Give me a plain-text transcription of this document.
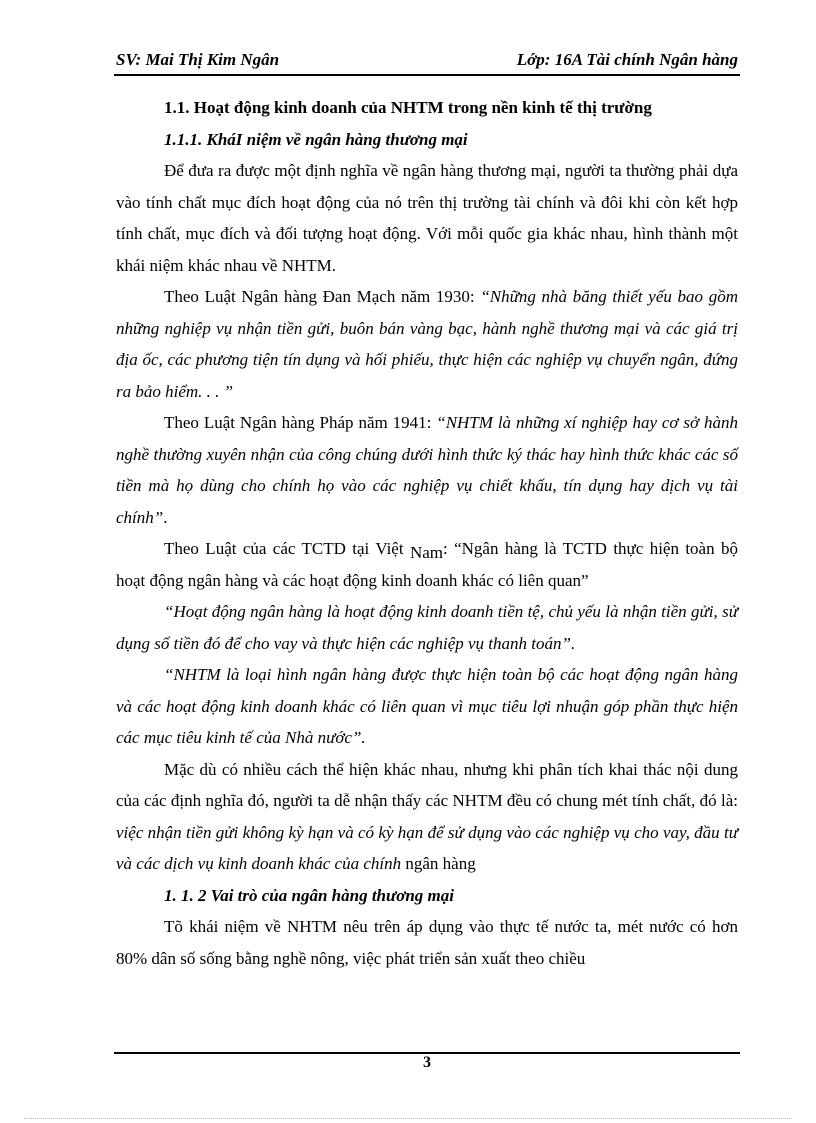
SV: Mai Thị Kim Ngân	Lớp: 16A Tài chính Ngân hàng

1.1. Hoạt động kinh doanh của NHTM trong nền kinh tế thị trường

1.1.1. KháI niệm về ngân hàng thương mại

Để đưa ra được một định nghĩa về ngân hàng thương mại, người ta thường phải dựa vào tính chất mục đích hoạt động của nó trên thị trường tài chính và đôi khi còn kết hợp tính chất, mục đích và đối tượng hoạt động. Với mỗi quốc gia khác nhau, hình thành một khái niệm khác nhau về NHTM.

Theo Luật Ngân hàng Đan Mạch năm 1930: “Những nhà băng thiết yếu bao gồm những nghiệp vụ nhận tiền gửi, buôn bán vàng bạc, hành nghề thương mại và các giá trị địa ốc, các phương tiện tín dụng và hối phiếu, thực hiện các nghiệp vụ chuyển ngân, đứng ra bảo hiểm. . . ”

Theo Luật Ngân hàng Pháp năm 1941: “NHTM là những xí nghiệp hay cơ sở hành nghề thường xuyên nhận của công chúng dưới hình thức ký thác hay hình thức khác các số tiền mà họ dùng cho chính họ vào các nghiệp vụ chiết khấu, tín dụng hay dịch vụ tài chính”.

Theo Luật của các TCTD tại Việt Nam: “Ngân hàng là TCTD thực hiện toàn bộ hoạt động ngân hàng và các hoạt động kinh doanh khác có liên quan”

“Hoạt động ngân hàng là hoạt động kinh doanh tiền tệ, chủ yếu là nhận tiền gửi, sử dụng số tiền đó để cho vay và thực hiện các nghiệp vụ thanh toán”.

“NHTM là loại hình ngân hàng được thực hiện toàn bộ các hoạt động ngân hàng và các hoạt động kinh doanh khác có liên quan vì mục tiêu lợi nhuận góp phần thực hiện các mục tiêu kinh tế của Nhà nước”.

Mặc dù có nhiều cách thể hiện khác nhau, nhưng khi phân tích khai thác nội dung của các định nghĩa đó, người ta dễ nhận thấy các NHTM đều có chung mét tính chất, đó là: việc nhận tiền gửi không kỳ hạn và có kỳ hạn để sử dụng vào các nghiệp vụ cho vay, đầu tư và các dịch vụ kinh doanh khác của chính ngân hàng

1. 1. 2 Vai trò của ngân hàng thương mại

Tõ khái niệm về NHTM nêu trên áp dụng vào thực tế nước ta, mét nước có hơn 80% dân số sống bằng nghề nông, việc phát triển sản xuất theo chiều

3
